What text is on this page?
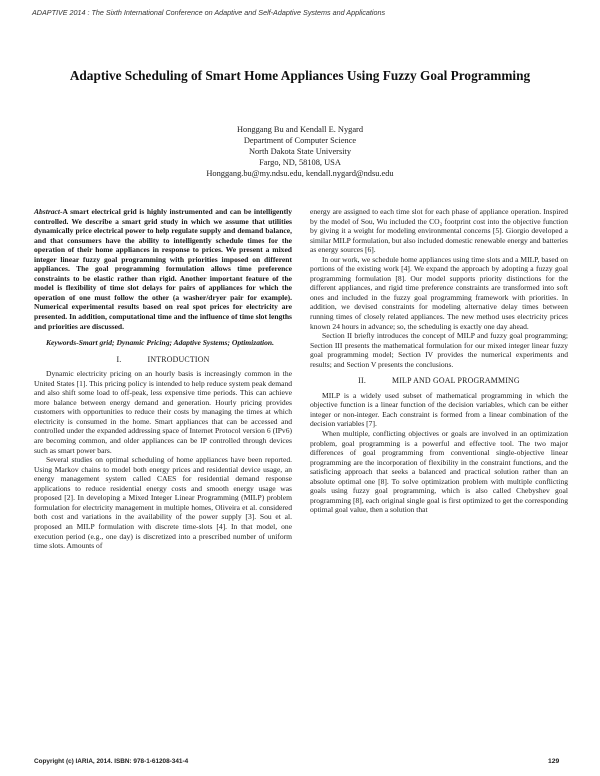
ADAPTIVE 2014 : The Sixth International Conference on Adaptive and Self-Adaptive Systems and Applications
Adaptive Scheduling of Smart Home Appliances Using Fuzzy Goal Programming
Honggang Bu and Kendall E. Nygard
Department of Computer Science
North Dakota State University
Fargo, ND, 58108, USA
Honggang.bu@my.ndsu.edu, kendall.nygard@ndsu.edu

Abstract-A smart electrical grid is highly instrumented and can be intelligently controlled. We describe a smart grid study in which we assume that utilities dynamically price electrical power to help regulate supply and demand balance, and that consumers have the ability to intelligently schedule times for the operation of their home appliances in response to prices. We present a mixed integer linear fuzzy goal programming with priorities imposed on different appliances. The goal programming formulation allows time preference constraints to be elastic rather than rigid. Another important feature of the model is flexibility of time slot delays for pairs of appliances for which the operation of one must follow the other (a washer/dryer pair for example). Numerical experimental results based on real spot prices for electricity are presented. In addition, computational time and the influence of time slot lengths and priorities are discussed.

Keywords-Smart grid; Dynamic Pricing; Adaptive Systems; Optimization.

I.	INTRODUCTION

Dynamic electricity pricing on an hourly basis is increasingly common in the United States [1]. This pricing policy is intended to help reduce system peak demand and also shift some load to off-peak, less expensive time periods. This can achieve more balance between energy demand and generation. Hourly pricing provides customers with opportunities to reduce their costs by managing the times at which electricity is consumed in the home. Smart appliances that can be accessed and controlled under the expanded addressing space of Internet Protocol version 6 (IPv6) are becoming common, and older appliances can be IP controlled through devices such as smart power bars.

Several studies on optimal scheduling of home appliances have been reported. Using Markov chains to model both energy prices and residential device usage, an energy management system called CAES for residential demand response applications to reduce residential energy costs and smooth energy usage was proposed [2]. In developing a Mixed Integer Linear Programming (MILP) problem formulation for electricity management in multiple homes, Oliveira et al. considered both cost and variations in the availability of the power supply [3]. Sou et al. proposed an MILP formulation with discrete time-slots [4]. In that model, one execution period (e.g., one day) is discretized into a prescribed number of uniform time slots. Amounts of

energy are assigned to each time slot for each phase of appliance operation. Inspired by the model of Sou, Wu included the CO₂ footprint cost into the objective function by giving it a weight for modeling environmental concerns [5]. Giorgio developed a similar MILP formulation, but also included domestic renewable energy and batteries as energy sources [6].

In our work, we schedule home appliances using time slots and a MILP, based on portions of the existing work [4]. We expand the approach by adopting a fuzzy goal programming formulation [8]. Our model supports priority distinctions for the different appliances, and rigid time preference constraints are transformed into soft ones and included in the fuzzy goal programming framework with priorities. In addition, we devised constraints for modeling alternative delay times between running times of closely related appliances. The new method uses electricity prices known 24 hours in advance; so, the scheduling is exactly one day ahead.

Section II briefly introduces the concept of MILP and fuzzy goal programming; Section III presents the mathematical formulation for our mixed integer linear fuzzy goal programming model; Section IV provides the numerical experiments and results; and Section V presents the conclusions.

II.	MILP AND GOAL PROGRAMMING

MILP is a widely used subset of mathematical programming in which the objective function is a linear function of the decision variables, which can be either integer or non-integer. Each constraint is formed from a linear combination of the decision variables [7].

When multiple, conflicting objectives or goals are involved in an optimization problem, goal programming is a powerful and effective tool. The two major differences of goal programming from conventional single-objective linear programming are the incorporation of flexibility in the constraint functions, and the satisficing approach that seeks a balanced and practical solution rather than an absolute optimal one [8]. To solve optimization problem with multiple conflicting goals using fuzzy goal programming, which is also called Chebyshev goal programming [8], each original single goal is first optimized to get the corresponding optimal goal value, then a solution that

Copyright (c) IARIA, 2014. ISBN: 978-1-61208-341-4	129
